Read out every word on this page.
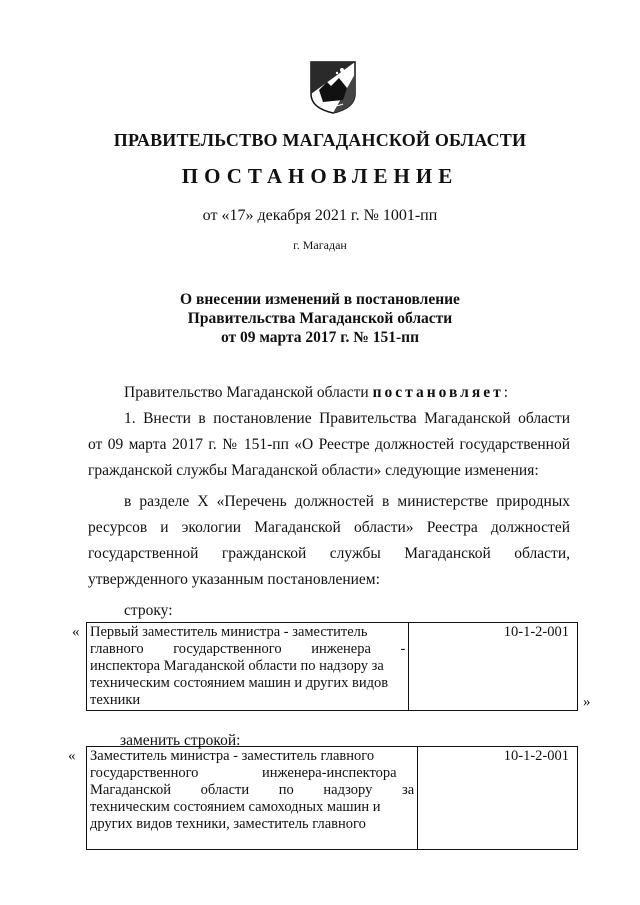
ПРАВИТЕЛЬСТВО МАГАДАНСКОЙ ОБЛАСТИ
ПОСТАНОВЛЕНИЕ
от «17» декабря 2021 г. № 1001-пп
г. Магадан
О внесении изменений в постановление
Правительства Магаданской области
от 09 марта 2017 г. № 151-пп
Правительство Магаданской области постановляет:
1. Внести в постановление Правительства Магаданской области
от 09 марта 2017 г. № 151-пп «О Реестре должностей государственной
гражданской службы Магаданской области» следующие изменения:
в разделе X «Перечень должностей в министерстве природных
ресурсов и экологии Магаданской области» Реестра должностей
государственной гражданской службы Магаданской области,
утвержденного указанным постановлением:
строку:
« Первый заместитель министра - заместитель
главного государственного инженера -
инспектора Магаданской области по надзору за
техническим состоянием машин и других видов
техники
	10-1-2-001
»
заменить строкой:
« Заместитель министра - заместитель главного
государственного инженера-инспектора
Магаданской области по надзору за
техническим состоянием самоходных машин и
других видов техники, заместитель главного
	10-1-2-001
